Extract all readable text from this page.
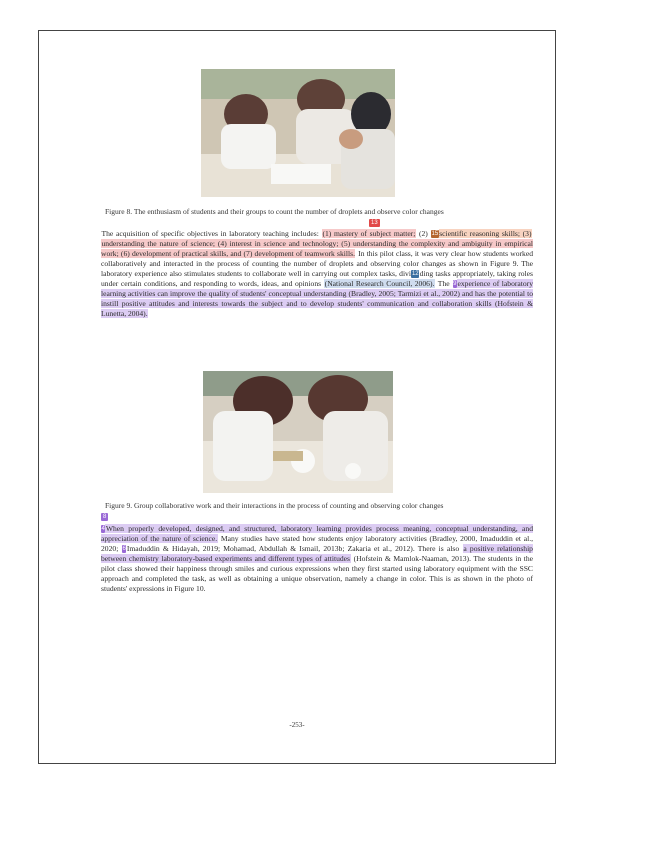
Figure 8. The enthusiasm of students and their groups to count the number of droplets and observe color changes
13
The acquisition of specific objectives in laboratory teaching includes: (1) mastery of subject matter; (2) 15scientific reasoning skills; (3) understanding the nature of science; (4) interest in science and technology; (5) understanding the complexity and ambiguity in empirical work; (6) development of practical skills, and (7) development of teamwork skills. In this pilot class, it was very clear how students worked collaboratively and interacted in the process of counting the number of droplets and observing color changes as shown in Figure 9. The laboratory experience also stimulates students to collaborate well in carrying out complex tasks, divi12ding tasks appropriately, taking roles under certain conditions, and responding to words, ideas, and opinions (National Research Council, 2006). The 9experience of laboratory learning activities can improve the quality of students' conceptual understanding (Bradley, 2005; Tarmizi et al., 2002) and has the potential to instill positive attitudes and interests towards the subject and to develop students' communication and collaboration skills (Hofstein & Lunetta, 2004).
Figure 9. Group collaborative work and their interactions in the process of counting and observing color changes
8
4When properly developed, designed, and structured, laboratory learning provides process meaning, conceptual understanding, and appreciation of the nature of science. Many studies have stated how students enjoy laboratory activities (Bradley, 2000, Imaduddin et al., 2020; 6Imaduddin & Hidayah, 2019; Mohamad, Abdullah & Ismail, 2013b; Zakaria et al., 2012). There is also a positive relationship between chemistry laboratory-based experiments and different types of attitudes (Hofstein & Mamlok-Naaman, 2013). The students in the pilot class showed their happiness through smiles and curious expressions when they first started using laboratory equipment with the SSC approach and completed the task, as well as obtaining a unique observation, namely a change in color. This is as shown in the photo of students' expressions in Figure 10.
-253-
